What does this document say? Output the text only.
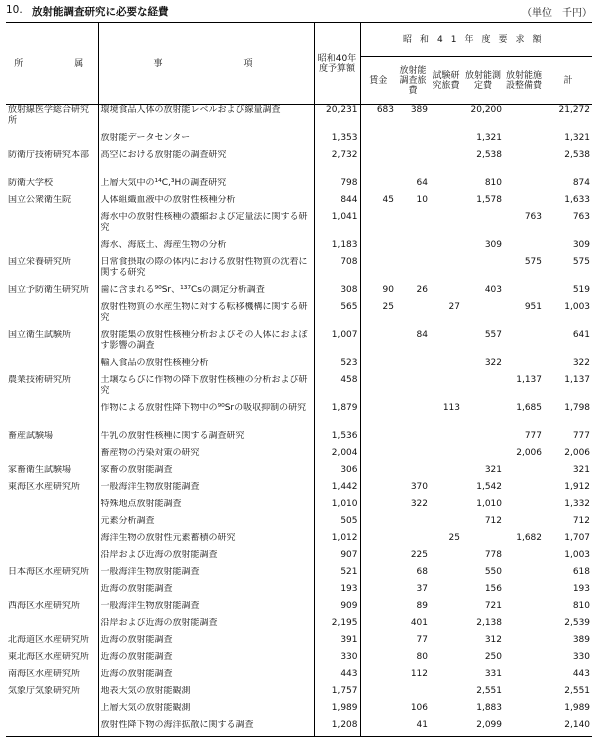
10. 放射能調査研究に必要な経費	（単位　千円）
所　　　属	事　　　　　項	昭和40年度予算額	昭和41年度要求額					
			賃金	放射能調査旅費	試験研究旅費	放射能測定費	放射能施設整備費	計
放射線医学総合研究所	環境食品人体の放射能レベルおよび線量調査	20,231	683	389		20,200		21,272
	放射能データセンター	1,353				1,321		1,321
防衛庁技術研究本部	高空における放射能の調査研究	2,732				2,538		2,538
防衛大学校	上層大気中の¹⁴C,³Hの調査研究	798		64		810		874
国立公衆衛生院	人体組織血液中の放射性核種分析	844	45	10		1,578		1,633
	海水中の放射性核種の濃縮および定量法に関する研究	1,041					763	763
	海水、海底土、海産生物の分析	1,183				309		309
国立栄養研究所	日常食摂取の際の体内における放射性物質の沈着に関する研究	708					575	575
国立予防衛生研究所	歯に含まれる⁹⁰Sr、¹³⁷Csの測定分析調査	308	90	26		403		519
	放射性物質の水産生物に対する転移機構に関する研究	565	25		27		951	1,003
国立衛生試験所	放射能集の放射性核種分析およびその人体におよぼす影響の調査	1,007		84		557		641
	輸入食品の放射性核種分析	523				322		322
農業技術研究所	土壌ならびに作物の降下放射性核種の分析および研究	458					1,137	1,137
	作物による放射性降下物中の⁹⁰Srの吸収抑制の研究	1,879			113		1,685	1,798
畜産試験場	牛乳の放射性核種に関する調査研究	1,536					777	777
	畜産物の汚染対策の研究	2,004					2,006	2,006
家畜衛生試験場	家畜の放射能調査	306				321		321
東海区水産研究所	一般海洋生物放射能調査	1,442		370		1,542		1,912
	特殊地点放射能調査	1,010		322		1,010		1,332
	元素分析調査	505				712		712
	海洋生物の放射性元素蓄積の研究	1,012			25		1,682	1,707
	沿岸および近海の放射能調査	907		225		778		1,003
日本海区水産研究所	一般海洋生物放射能調査	521		68		550		618
	近海の放射能調査	193		37		156		193
西海区水産研究所	一般海洋生物放射能調査	909		89		721		810
	沿岸および近海の放射能調査	2,195		401		2,138		2,539
北海道区水産研究所	近海の放射能調査	391		77		312		389
東北海区水産研究所	近海の放射能調査	330		80		250		330
南海区水産研究所	近海の放射能調査	443		112		331		443
気象庁気象研究所	地表大気の放射能観測	1,757				2,551		2,551
	上層大気の放射能観測	1,989		106		1,883		1,989
	放射性降下物の海洋拡散に関する調査	1,208		41		2,099		2,140
